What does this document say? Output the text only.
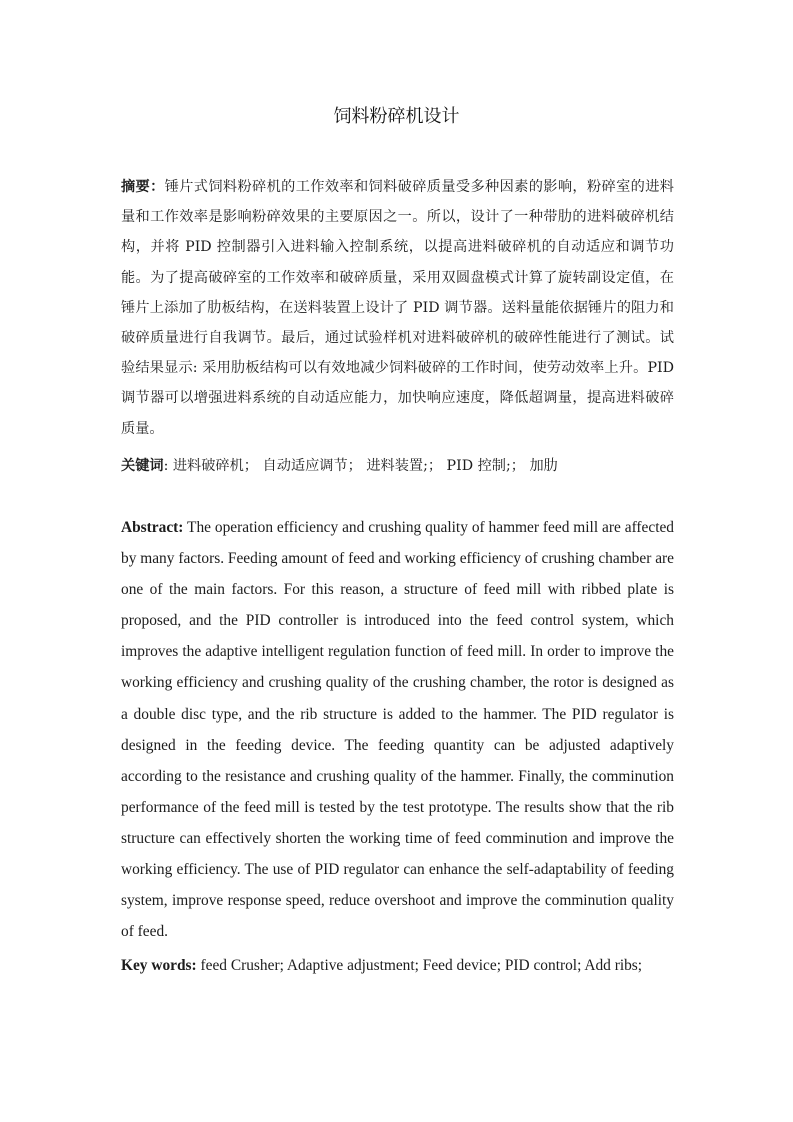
饲料粉碎机设计
摘要：锤片式饲料粉碎机的工作效率和饲料破碎质量受多种因素的影响，粉碎室的进料量和工作效率是影响粉碎效果的主要原因之一。所以，设计了一种带肋的进料破碎机结构，并将 PID 控制器引入进料输入控制系统，以提高进料破碎机的自动适应和调节功能。为了提高破碎室的工作效率和破碎质量，采用双圆盘模式计算了旋转副设定值，在锤片上添加了肋板结构，在送料装置上设计了 PID 调节器。送料量能依据锤片的阻力和破碎质量进行自我调节。最后，通过试验样机对进料破碎机的破碎性能进行了测试。试验结果显示: 采用肋板结构可以有效地减少饲料破碎的工作时间，使劳动效率上升。PID 调节器可以增强进料系统的自动适应能力，加快响应速度，降低超调量，提高进料破碎质量。
关键词: 进料破碎机； 自动适应调节； 进料装置;； PID 控制;； 加肋
Abstract: The operation efficiency and crushing quality of hammer feed mill are affected by many factors. Feeding amount of feed and working efficiency of crushing chamber are one of the main factors. For this reason, a structure of feed mill with ribbed plate is proposed, and the PID controller is introduced into the feed control system, which improves the adaptive intelligent regulation function of feed mill. In order to improve the working efficiency and crushing quality of the crushing chamber, the rotor is designed as a double disc type, and the rib structure is added to the hammer. The PID regulator is designed in the feeding device. The feeding quantity can be adjusted adaptively according to the resistance and crushing quality of the hammer. Finally, the comminution performance of the feed mill is tested by the test prototype. The results show that the rib structure can effectively shorten the working time of feed comminution and improve the working efficiency. The use of PID regulator can enhance the self-adaptability of feeding system, improve response speed, reduce overshoot and improve the comminution quality of feed.
Key words: feed Crusher; Adaptive adjustment; Feed device; PID control; Add ribs;
